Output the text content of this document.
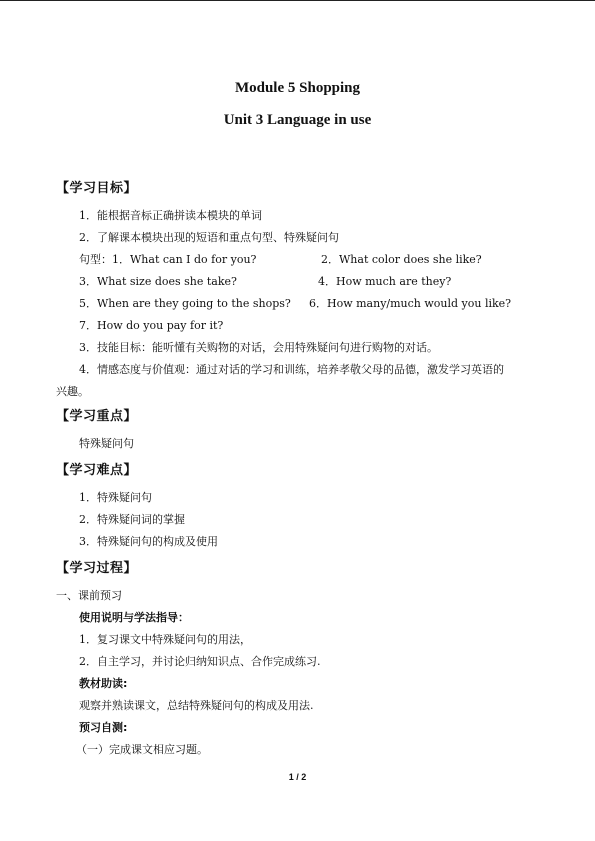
Module 5 Shopping
Unit 3 Language in use
【学习目标】
1．能根据音标正确拼读本模块的单词
2．了解课本模块出现的短语和重点句型、特殊疑问句
句型：1．What can I do for you?	2．What color does she like?
3．What size does she take?	4．How much are they?
5．When are they going to the shops? 6．How many/much would you like?
7．How do you pay for it?
3．技能目标：能听懂有关购物的对话，会用特殊疑问句进行购物的对话。
4．情感态度与价值观：通过对话的学习和训练，培养孝敬父母的品德，激发学习英语的
兴趣。
【学习重点】
特殊疑问句
【学习难点】
1．特殊疑问句
2．特殊疑问词的掌握
3．特殊疑问句的构成及使用
【学习过程】
一、课前预习
使用说明与学法指导：
1．复习课文中特殊疑问句的用法，
2．自主学习，并讨论归纳知识点、合作完成练习.
教材助读:
观察并熟读课文，总结特殊疑问句的构成及用法.
预习自测:
（一）完成课文相应习题。
1 / 2
